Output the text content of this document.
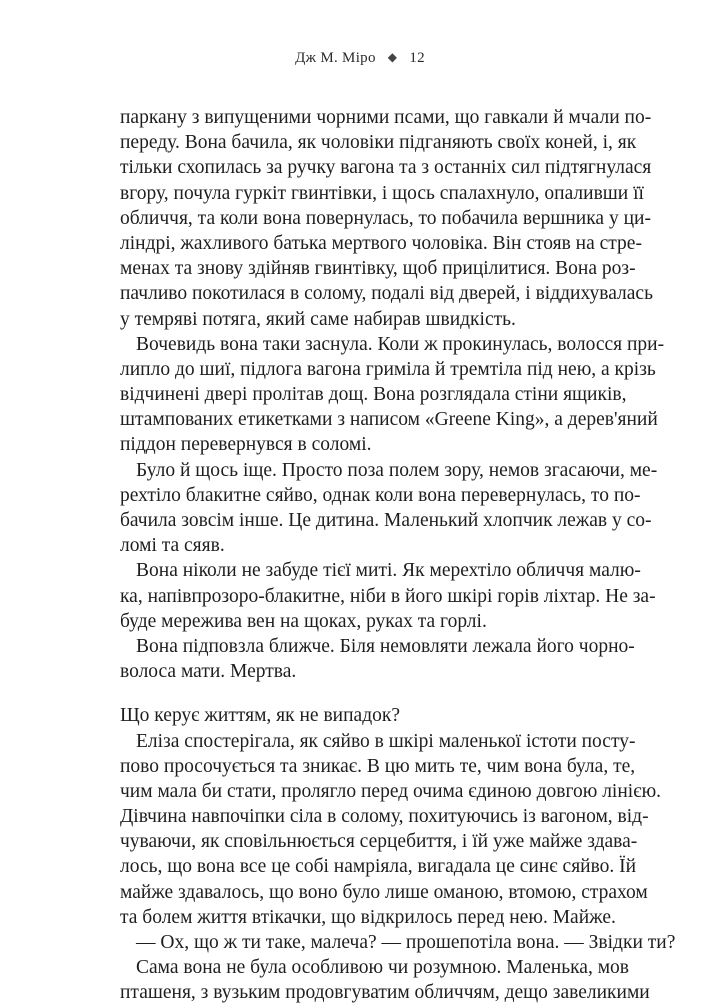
Дж М. Міро ◆ 12
паркану з випущеними чорними псами, що гавкали й мчали по-
переду. Вона бачила, як чоловіки підганяють своїх коней, і, як
тільки схопилась за ручку вагона та з останніх сил підтягнулася
вгору, почула гуркіт гвинтівки, і щось спалахнуло, опаливши її
обличчя, та коли вона повернулась, то побачила вершника у ци-
ліндрі, жахливого батька мертвого чоловіка. Він стояв на стре-
менах та знову здійняв гвинтівку, щоб прицілитися. Вона роз-
пачливо покотилася в солому, подалі від дверей, і віддихувалась
у темряві потяга, який саме набирав швидкість.
Вочевидь вона таки заснула. Коли ж прокинулась, волосся при-
липло до шиї, підлога вагона гриміла й тремтіла під нею, а крізь
відчинені двері пролітав дощ. Вона розглядала стіни ящиків,
штампованих етикетками з написом «Greene King», а дерев'яний
піддон перевернувся в соломі.
Було й щось іще. Просто поза полем зору, немов згасаючи, ме-
рехтіло блакитне сяйво, однак коли вона перевернулась, то по-
бачила зовсім інше. Це дитина. Маленький хлопчик лежав у со-
ломі та сяяв.
Вона ніколи не забуде тієї миті. Як мерехтіло обличчя малю-
ка, напівпрозоро-блакитне, ніби в його шкірі горів ліхтар. Не за-
буде мережива вен на щоках, руках та горлі.
Вона підповзла ближче. Біля немовляти лежала його чорно-
волоса мати. Мертва.
Що керує життям, як не випадок?
Еліза спостерігала, як сяйво в шкірі маленької істоти посту-
пово просочується та зникає. В цю мить те, чим вона була, те,
чим мала би стати, пролягло перед очима єдиною довгою лінією.
Дівчина навпочіпки сіла в солому, похитуючись із вагоном, від-
чуваючи, як сповільнюється серцебиття, і їй уже майже здава-
лось, що вона все це собі намріяла, вигадала це синє сяйво. Їй
майже здавалось, що воно було лише оманою, втомою, страхом
та болем життя втікачки, що відкрилось перед нею. Майже.
— Ох, що ж ти таке, малеча? — прошепотіла вона. — Звідки ти?
Сама вона не була особливою чи розумною. Маленька, мов
пташеня, з вузьким продовгуватим обличчям, дещо завеликими
